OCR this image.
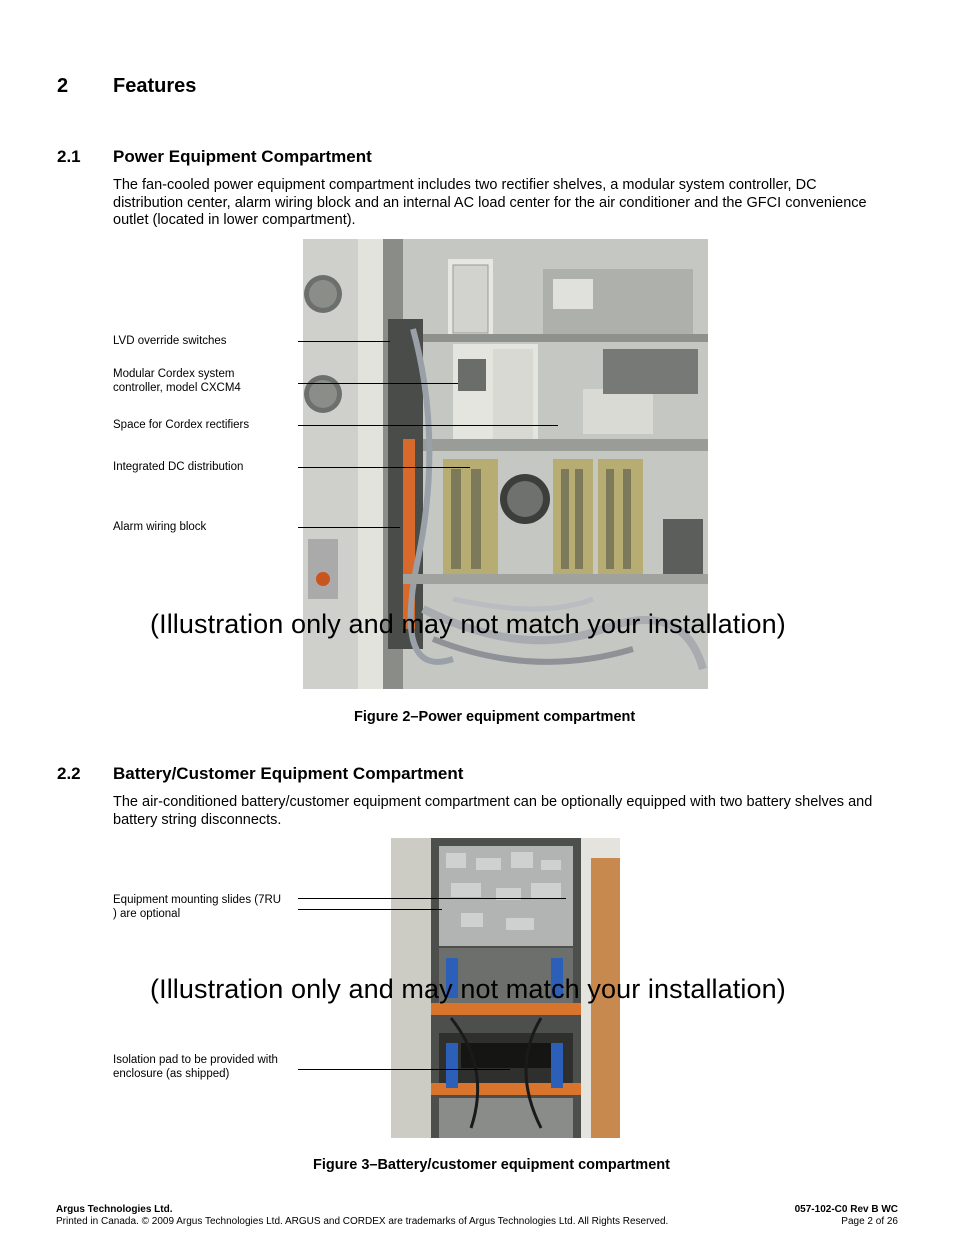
2 Features
2.1 Power Equipment Compartment
The fan-cooled power equipment compartment includes two rectifier shelves, a modular system controller, DC distribution center, alarm wiring block and an internal AC load center for the air conditioner and the GFCI convenience outlet (located in lower compartment).
LVD override switches
Modular Cordex system controller, model CXCM4
Space for Cordex rectifiers
Integrated DC distribution
Alarm wiring block
(Illustration only and may not match your installation)
Figure 2–Power equipment compartment
2.2 Battery/Customer Equipment Compartment
The air-conditioned battery/customer equipment compartment can be optionally equipped with two battery shelves and battery string disconnects.
Equipment mounting slides (7RU ) are optional
Isolation pad to be provided with enclosure (as shipped)
(Illustration only and may not match your installation)
Figure 3–Battery/customer equipment compartment
Argus Technologies Ltd.
Printed in Canada. © 2009 Argus Technologies Ltd. ARGUS and CORDEX are trademarks of Argus Technologies Ltd. All Rights Reserved.
057-102-C0 Rev B WC
Page 2 of 26
